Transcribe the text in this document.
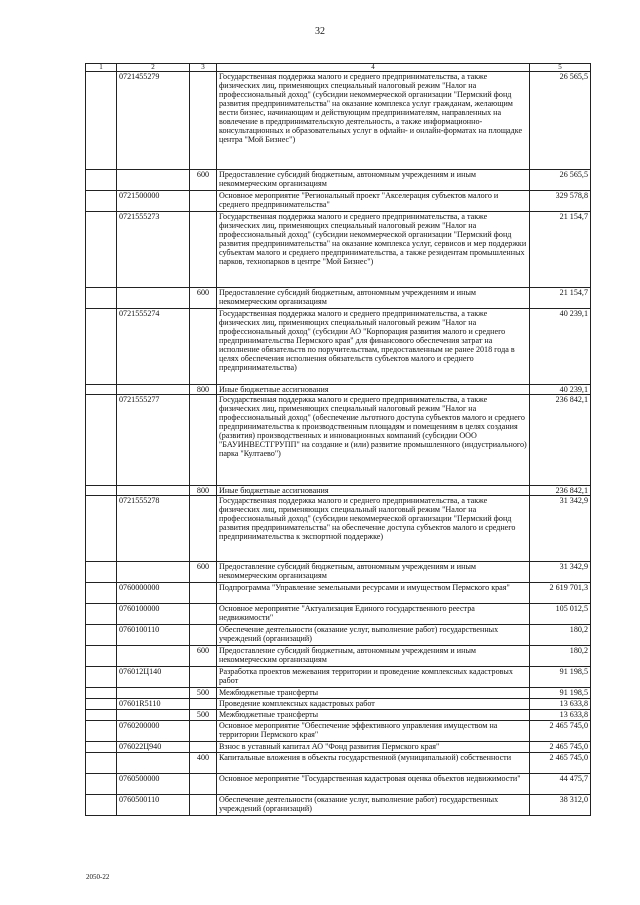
32
1	2	3	4	5
	0721455279		Государственная поддержка малого и среднего предпринимательства, а также физических лиц, применяющих специальный налоговый режим "Налог на профессиональный доход" (субсидии некоммерческой организации "Пермский фонд развития предпринимательства" на оказание комплекса услуг гражданам, желающим вести бизнес, начинающим и действующим предпринимателям, направленных на вовлечение в предпринимательскую деятельность, а также информационно-консультационных и образовательных услуг в офлайн- и онлайн-форматах на площадке центра "Мой Бизнес")	26 565,5
		600	Предоставление субсидий бюджетным, автономным учреждениям и иным некоммерческим организациям	26 565,5
	0721500000		Основное мероприятие "Региональный проект "Акселерация субъектов малого и среднего предпринимательства"	329 578,8
	0721555273		Государственная поддержка малого и среднего предпринимательства, а также физических лиц, применяющих специальный налоговый режим "Налог на профессиональный доход" (субсидии некоммерческой организации "Пермский фонд развития предпринимательства" на оказание комплекса услуг, сервисов и мер поддержки субъектам малого и среднего предпринимательства, а также резидентам промышленных парков, технопарков в центре "Мой Бизнес")	21 154,7
		600	Предоставление субсидий бюджетным, автономным учреждениям и иным некоммерческим организациям	21 154,7
	0721555274		Государственная поддержка малого и среднего предпринимательства, а также физических лиц, применяющих специальный налоговый режим "Налог на профессиональный доход" (субсидии АО "Корпорация развития малого и среднего предпринимательства Пермского края" для финансового обеспечения затрат на исполнение обязательств по поручительствам, предоставленным не ранее 2018 года в целях обеспечения исполнения обязательств субъектов малого и среднего предпринимательства)	40 239,1
		800	Иные бюджетные ассигнования	40 239,1
	0721555277		Государственная поддержка малого и среднего предпринимательства, а также физических лиц, применяющих специальный налоговый режим "Налог на профессиональный доход" (обеспечение льготного доступа субъектов малого и среднего предпринимательства к производственным площадям и помещениям в целях создания (развития) производственных и инновационных компаний (субсидии ООО "БАУИНВЕСТГРУПП" на создание и (или) развитие промышленного (индустриального) парка "Култаево")	236 842,1
		800	Иные бюджетные ассигнования	236 842,1
	0721555278		Государственная поддержка малого и среднего предпринимательства, а также физических лиц, применяющих специальный налоговый режим "Налог на профессиональный доход" (субсидии некоммерческой организации "Пермский фонд развития предпринимательства" на обеспечение доступа субъектов малого и среднего предпринимательства к экспортной поддержке)	31 342,9
		600	Предоставление субсидий бюджетным, автономным учреждениям и иным некоммерческим организациям	31 342,9
	0760000000		Подпрограмма "Управление земельными ресурсами и имуществом Пермского края"	2 619 701,3
	0760100000		Основное мероприятие "Актуализация Единого государственного реестра недвижимости"	105 012,5
	0760100110		Обеспечение деятельности (оказание услуг, выполнение работ) государственных учреждений (организаций)	180,2
		600	Предоставление субсидий бюджетным, автономным учреждениям и иным некоммерческим организациям	180,2
	076012Ц140		Разработка проектов межевания территории и проведение комплексных кадастровых работ	91 198,5
		500	Межбюджетные трансферты	91 198,5
	07601R5110		Проведение комплексных кадастровых работ	13 633,8
		500	Межбюджетные трансферты	13 633,8
	0760200000		Основное мероприятие "Обеспечение эффективного управления имуществом на территории Пермского края"	2 465 745,0
	076022Ц940		Взнос в уставный капитал АО "Фонд развития Пермского края"	2 465 745,0
		400	Капитальные вложения в объекты государственной (муниципальной) собственности	2 465 745,0
	0760500000		Основное мероприятие "Государственная кадастровая оценка объектов недвижимости"	44 475,7
	0760500110		Обеспечение деятельности (оказание услуг, выполнение работ) государственных учреждений (организаций)	38 312,0
2050-22
